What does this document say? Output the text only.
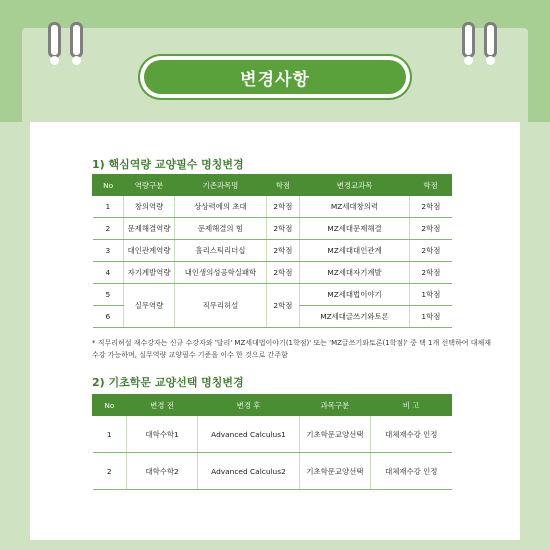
변경사항
1) 핵심역량 교양필수 명칭변경
No	역량구분	기존과목명	학점	변경교과목	학점
1	창의역량	상상력에의 초대	2학점	MZ세대창의력	2학점
2	문제해결역량	문제해결의 힘	2학점	MZ세대문제해결	2학점
3	대인관계역량	홀리스틱리더십	2학점	MZ세대대인관계	2학점
4	자기계발역량	내인생의성공학실패학	2학점	MZ세대자기계발	2학점
5	실무역량	직무리허설	2학점	MZ세대법이야기	1학점
6				MZ세대글쓰기와토론	1학점
* 직무리허설 재수강자는 신규 수강자와 '달리' MZ세대법이야기(1학점)' 또는 'MZ글쓰기와토론(1학점)' 중 택 1개 선택하여 대체재수강 가능하며, 실무역량 교양필수 기준을 이수 한 것으로 간주함
2) 기초학문 교양선택 명칭변경
No	변경 전	변경 후	과목구분	비 고
1	대학수학1	Advanced Calculus1	기초학문교양선택	대체재수강 인정
2	대학수학2	Advanced Calculus2	기초학문교양선택	대체재수강 인정
